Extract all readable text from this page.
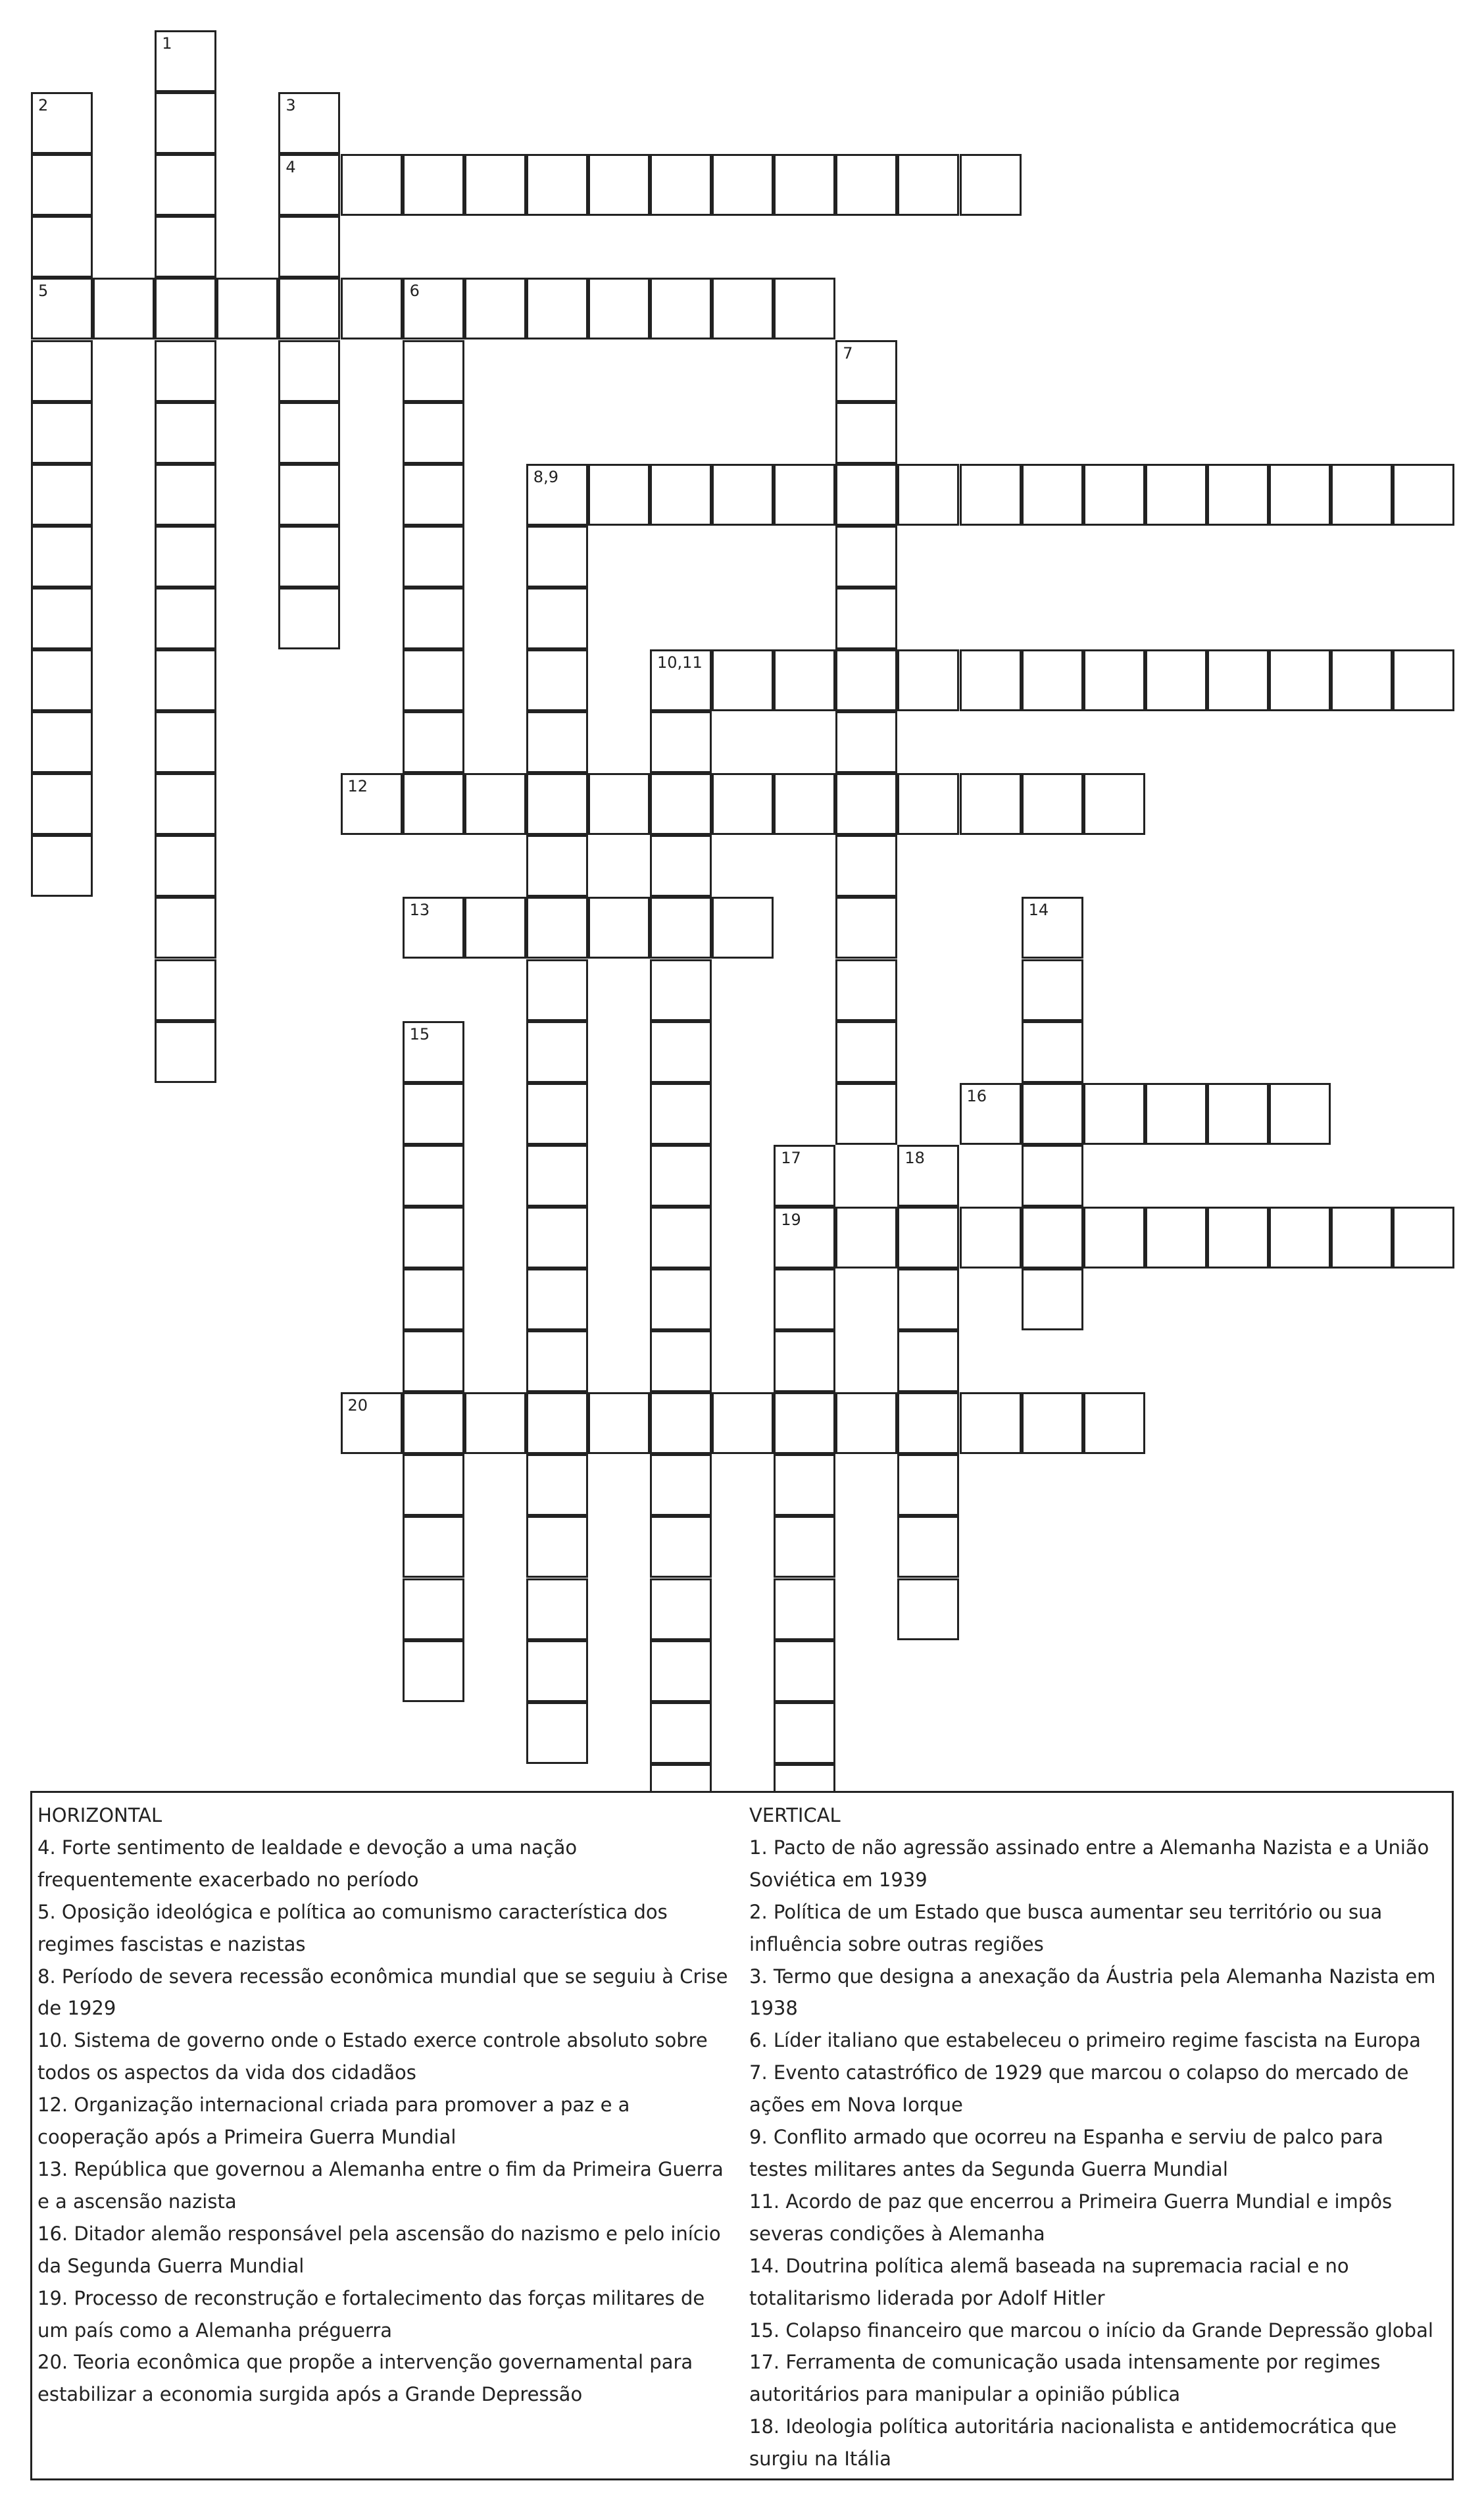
4
5	6
8,9
10,11
12
13
16
19
20
1
2	3
7
14
15
17	18
HORIZONTAL
4. Forte sentimento de lealdade e devoção a uma nação frequentemente exacerbado no período
5. Oposição ideológica e política ao comunismo característica dos regimes fascistas e nazistas
8. Período de severa recessão econômica mundial que se seguiu à Crise de 1929
10. Sistema de governo onde o Estado exerce controle absoluto sobre todos os aspectos da vida dos cidadãos
12. Organização internacional criada para promover a paz e a cooperação após a Primeira Guerra Mundial
13. República que governou a Alemanha entre o fim da Primeira Guerra e a ascensão nazista
16. Ditador alemão responsável pela ascensão do nazismo e pelo início da Segunda Guerra Mundial
19. Processo de reconstrução e fortalecimento das forças militares de um país como a Alemanha préguerra
20. Teoria econômica que propõe a intervenção governamental para estabilizar a economia surgida após a Grande Depressão
VERTICAL
1. Pacto de não agressão assinado entre a Alemanha Nazista e a União Soviética em 1939
2. Política de um Estado que busca aumentar seu território ou sua influência sobre outras regiões
3. Termo que designa a anexação da Áustria pela Alemanha Nazista em 1938
6. Líder italiano que estabeleceu o primeiro regime fascista na Europa
7. Evento catastrófico de 1929 que marcou o colapso do mercado de ações em Nova Iorque
9. Conflito armado que ocorreu na Espanha e serviu de palco para testes militares antes da Segunda Guerra Mundial
11. Acordo de paz que encerrou a Primeira Guerra Mundial e impôs severas condições à Alemanha
14. Doutrina política alemã baseada na supremacia racial e no totalitarismo liderada por Adolf Hitler
15. Colapso financeiro que marcou o início da Grande Depressão global
17. Ferramenta de comunicação usada intensamente por regimes autoritários para manipular a opinião pública
18. Ideologia política autoritária nacionalista e antidemocrática que surgiu na Itália
